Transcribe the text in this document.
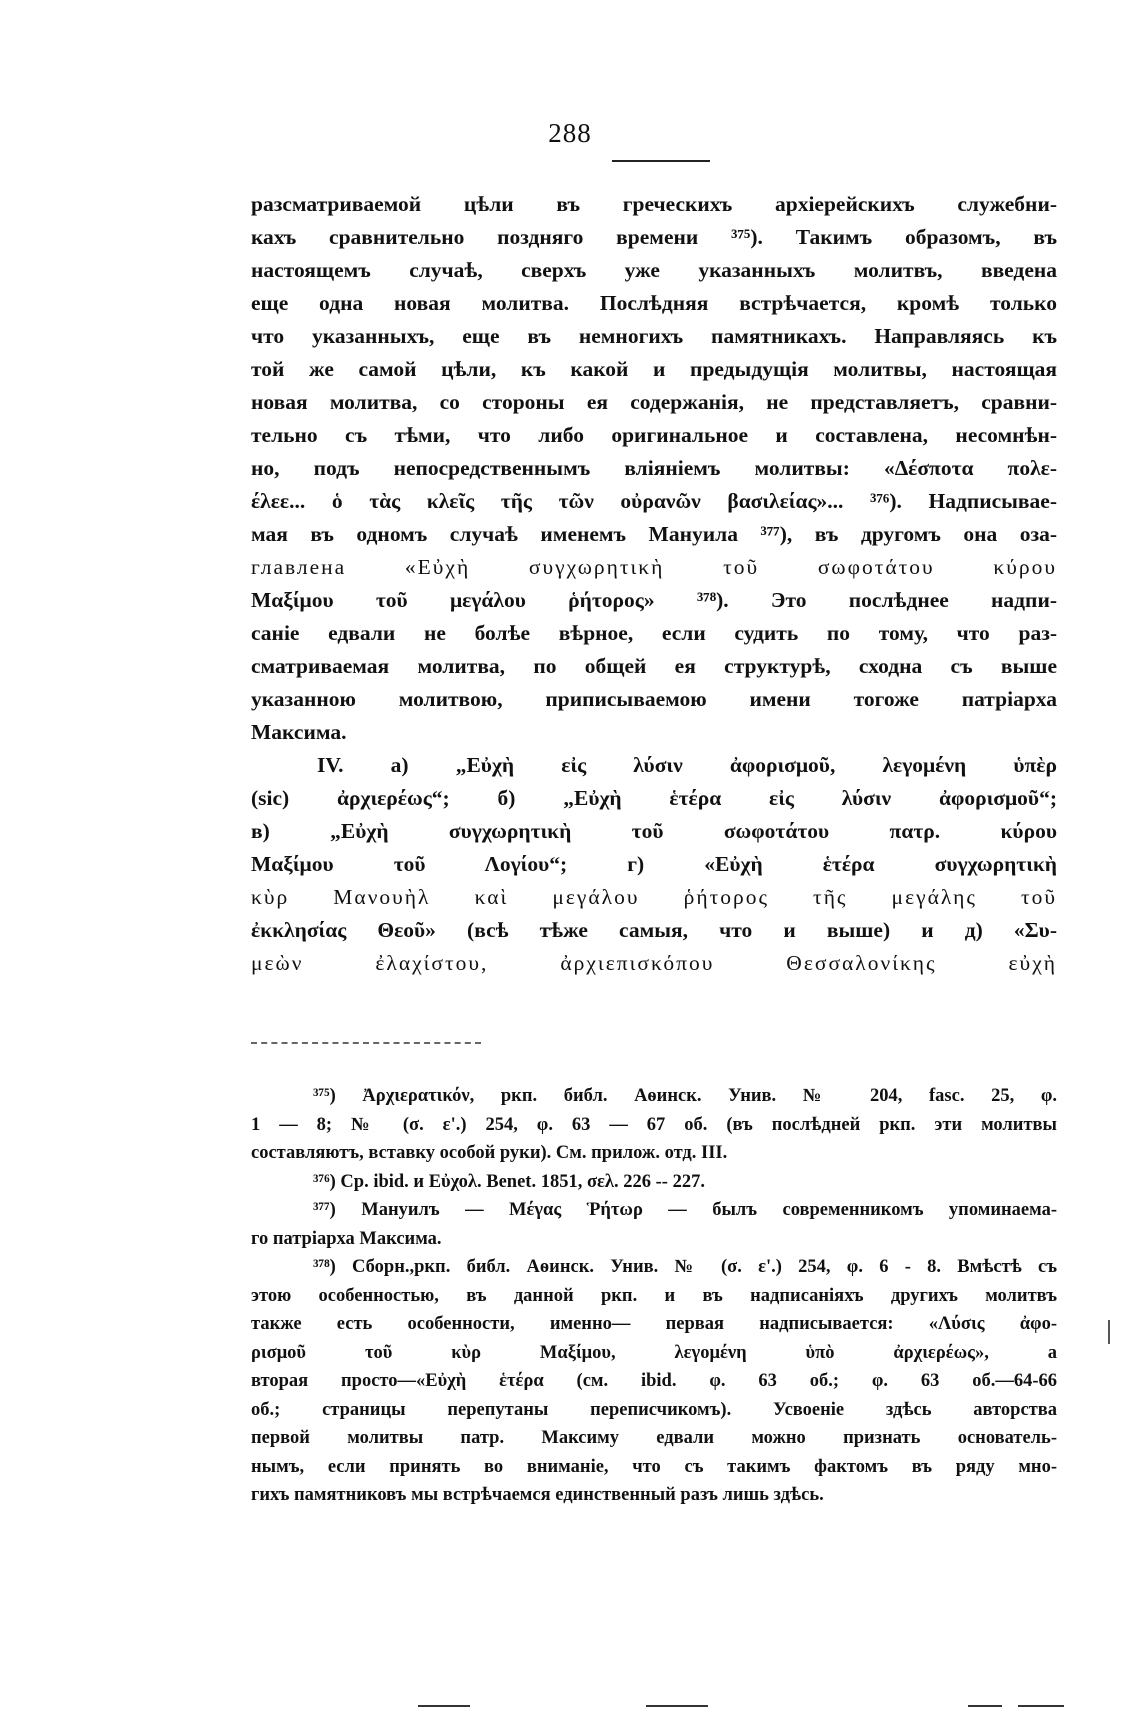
288
разсматриваемой цѣли въ греческихъ архіерейскихъ служебни-
кахъ сравнительно поздняго времени ³⁷⁵). Такимъ образомъ, въ
настоящемъ случаѣ, сверхъ уже указанныхъ молитвъ, введена
еще одна новая молитва. Послѣдняя встрѣчается, кромѣ только
что указанныхъ, еще въ немногихъ памятникахъ. Направляясь къ
той же самой цѣли, къ какой и предыдущія молитвы, настоящая
новая молитва, со стороны ея содержанія, не представляетъ, сравни-
тельно съ тѣми, что либо оригинальное и составлена, несомнѣн-
но, подъ непосредственнымъ вліяніемъ молитвы: «Δέσποτα πολε-
έλεε... ὁ τὰς κλεῖς τῆς τῶν οὐρανῶν βασιλείας»... ³⁷⁶). Надписывае-
мая въ одномъ случаѣ именемъ Мануила ³⁷⁷), въ другомъ она оза-
главлена «Εὐχὴ συγχωρητικὴ τοῦ σωφοτάτου κύρου
Μαξίμου τοῦ μεγάλου ῥήτορος» ³⁷⁸). Это послѣднее надпи-
саніе едвали не болѣе вѣрное, если судить по тому, что раз-
сматриваемая молитва, по общей ея структурѣ, сходна съ выше
указанною молитвою, приписываемою имени тогоже патріарха
Максима.
IV. а) „Εὐχὴ εἰς λύσιν ἀφορισμοῦ, λεγομένη ὑπὲρ
(sic) ἀρχιερέως“; б) „Εὐχὴ ἑτέρα εἰς λύσιν ἀφορισμοῦ“;
в) „Εὐχὴ συγχωρητικὴ τοῦ σωφοτάτου πατρ. κύρου
Μαξίμου τοῦ Λογίου“; г) «Εὐχὴ ἑτέρα συγχωρητικὴ
κὺρ Μανουὴλ καὶ μεγάλου ῥήτορος τῆς μεγάλης τοῦ
ἐκκλησίας Θεοῦ» (всѣ тѣже самыя, что и выше) и д) «Συ-
μεὼν ἐλαχίστου, ἀρχιεπισκόπου Θεσσαλονίκης εὐχὴ
³⁷⁵) Ἀρχιερατικόν, ркп. библ. Аѳинск. Унив. № 204, fasc. 25, φ.
1 — 8; № (σ. ε'.) 254, φ. 63 — 67 об. (въ послѣдней ркп. эти молитвы
составляютъ, вставку особой руки). См. прилож. отд. III.
³⁷⁶) Ср. ibid. и Εὐχολ. Benet. 1851, σελ. 226 -- 227.
³⁷⁷) Мануилъ — Μέγας Ῥήτωρ — былъ современникомъ упоминаема-
го патріарха Максима.
³⁷⁸) Сборн.,ркп. библ. Аѳинск. Унив. № (σ. ε'.) 254, φ. 6 - 8. Вмѣстѣ съ
этою особенностью, въ данной ркп. и въ надписаніяхъ другихъ молитвъ
также есть особенности, именно— первая надписывается: «Λύσις ἀφο-
ρισμοῦ τοῦ κὺρ Μαξίμου, λεγομένη ὑπὸ ἀρχιερέως», а
вторая просто—«Εὐχὴ ἑτέρα (см. ibid. φ. 63 об.; φ. 63 об.—64-66
об.; страницы перепутаны переписчикомъ). Усвоеніе здѣсь авторства
первой молитвы патр. Максиму едвали можно признать основатель-
нымъ, если принять во вниманіе, что съ такимъ фактомъ въ ряду мно-
гихъ памятниковъ мы встрѣчаемся единственный разъ лишь здѣсь.
